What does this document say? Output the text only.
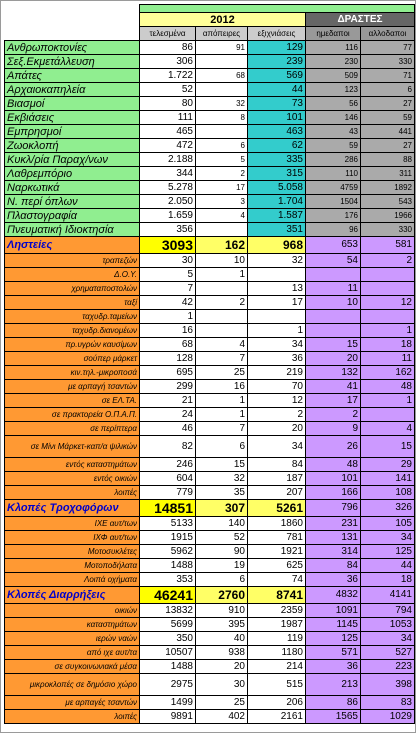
	2012			ΔΡΑΣΤΕΣ	
	τελεσμένα	απόπειρες	εξιχνιάσεις	ημεδαποι	αλλοδαποι
Ανθρωποκτονίες	86	91	129	116	77
Σεξ.Εκμετάλλευση	306		239	230	330
Απάτες	1.722	68	569	509	71
Αρχαιοκαπηλεία	52		44	123	6
Βιασμοί	80	32	73	56	27
Εκβιάσεις	111	8	101	146	59
Εμπρησμοί	465		463	43	441
Ζωοκλοπή	472	6	62	59	27
Κυκλ/ρία Παραχ/νων	2.188	5	335	286	88
Λαθρεμπόριο	344	2	315	110	311
Ναρκωτικά	5.278	17	5.058	4759	1892
Ν. περί όπλων	2.050	3	1.704	1504	543
Πλαστογραφία	1.659	4	1.587	176	1966
Πνευματική Ιδιοκτησία	356		351	96	330
Ληστείες	3093	162	968	653	581
τραπεζών	30	10	32	54	2
Δ.Ο.Υ.	5	1			
χρηματαποστολών	7		13	11	
ταξί	42	2	17	10	12
ταχυδρ.ταμείων	1				
ταχυδρ.διανομέων	16		1		1
πρ.υγρών καυσίμων	68	4	34	15	18
σούπερ μάρκετ	128	7	36	20	11
κιν.τηλ.-μικροποσά	695	25	219	132	162
με αρπαγή τσαντών	299	16	70	41	48
σε ΕΛ.ΤΑ.	21	1	12	17	1
σε πρακτορεία Ο.Π.Α.Π.	24	1	2	2	
σε περίπτερα	46	7	20	9	4
σε Μίνι Μάρκετ-καπ/α ψιλικών	82	6	34	26	15
εντός καταστημάτων	246	15	84	48	29
εντός οικιών	604	32	187	101	141
λοιπές	779	35	207	166	108
Κλοπές Τροχοφόρων	14851	307	5261	796	326
ΙΧΕ αυτ/των	5133	140	1860	231	105
ΙΧΦ αυτ/των	1915	52	781	131	34
Μοτοσυκλέτες	5962	90	1921	314	125
Μοτοποδήλατα	1488	19	625	84	44
Λοιπά οχήματα	353	6	74	36	18
Κλοπές Διαρρήξεις	46241	2760	8741	4832	4141
οικιών	13832	910	2359	1091	794
καταστημάτων	5699	395	1987	1145	1053
ιερών ναών	350	40	119	125	34
από ιχε αυτ/τα	10507	938	1180	571	527
σε συγκοινωνιακά μέσα	1488	20	214	36	223
μικροκλοπές σε δημόσιο χώρο	2975	30	515	213	398
με αρπαγές τσαντών	1499	25	206	86	83
λοιπές	9891	402	2161	1565	1029
